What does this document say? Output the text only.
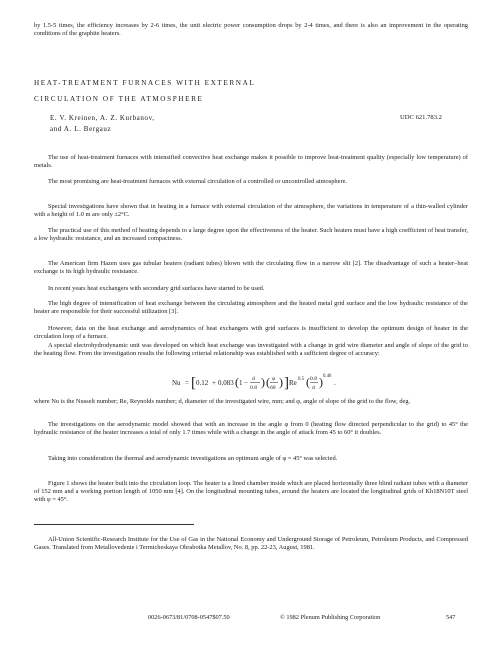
by 1.5-5 times, the efficiency increases by 2-6 times, the unit electric power consumption drops by 2-4 times, and there is also an improvement in the operating conditions of the graphite heaters.

HEAT-TREATMENT FURNACES WITH EXTERNAL
CIRCULATION OF THE ATMOSPHERE
E. V. Kreinen, A. Z. Kurbanov,
and A. L. Bergauz
UDC 621.783.2

The use of heat-treatment furnaces with intensified convective heat exchange makes it possible to improve heat-treatment quality (especially low temperature) of metals.

The most promising are heat-treatment furnaces with external circulation of a controlled or uncontrolled atmosphere.

Special investigations have shown that in heating in a furnace with external circulation of the atmosphere, the variations in temperature of a thin-walled cylinder with a height of 1.0 m are only ±2°C.

The practical use of this method of heating depends to a large degree upon the effectiveness of the heater. Such heaters must have a high coefficient of heat transfer, a low hydraulic resistance, and an increased compactness.

The American firm Hazen uses gas tubular heaters (radiant tubes) blown with the circulating flow in a narrow slit [2]. The disadvantage of such a heater–heat exchange is its high hydraulic resistance.

In recent years heat exchangers with secondary grid surfaces have started to be used.

The high degree of intensification of heat exchange between the circulating atmosphere and the heated metal grid surface and the low hydraulic resistance of the heater are responsible for their successful utilization [3].

However, data on the heat exchange and aerodynamics of heat exchangers with grid surfaces is insufficient to develop the optimum design of heater in the circulation loop of a furnace.

A special electrohydrodynamic unit was developed on which heat exchange was investigated with a change in grid wire diameter and angle of slope of the grid to the heating flow. From the investigation results the following criterial relationship was established with a sufficient degree of accuracy:

Nu = [ 0.12 + 0.083 ( 1 − d
0.8 ) ( φ
60 ) ] Re 0.5 ( 0.8
d ) 0.46
.

where Nu is the Nusselt number; Re, Reynolds number; d, diameter of the investigated wire, mm; and φ, angle of slope of the grid to the flow, deg.

The investigations on the aerodynamic model showed that with an increase in the angle φ from 0 (heating flow directed perpendicular to the grid) to 45° the hydraulic resistance of the heater increases a total of only 1.7 times while with a change in the angle of attack from 45 to 60° it doubles.

Taking into consideration the thermal and aerodynamic investigations an optimum angle of φ = 45° was selected.

Figure 1 shows the heater built into the circulation loop. The heater is a lined chamber inside which are placed horizontally three blind radiant tubes with a diameter of 152 mm and a working portion length of 1050 mm [4]. On the longitudinal mounting tubes, around the heaters are located the longitudinal grids of Kh18N10T steel with φ = 45°.

All-Union Scientific-Research Institute for the Use of Gas in the National Economy and Underground Storage of Petroleum, Petroleum Products, and Compressed Gases. Translated from Metallovedenie i Termicheskaya Obrabotka Metallov, No. 8, pp. 22-23, August, 1981.

0026-0673/81/0708-0547$07.50	© 1982 Plenum Publishing Corporation	547
